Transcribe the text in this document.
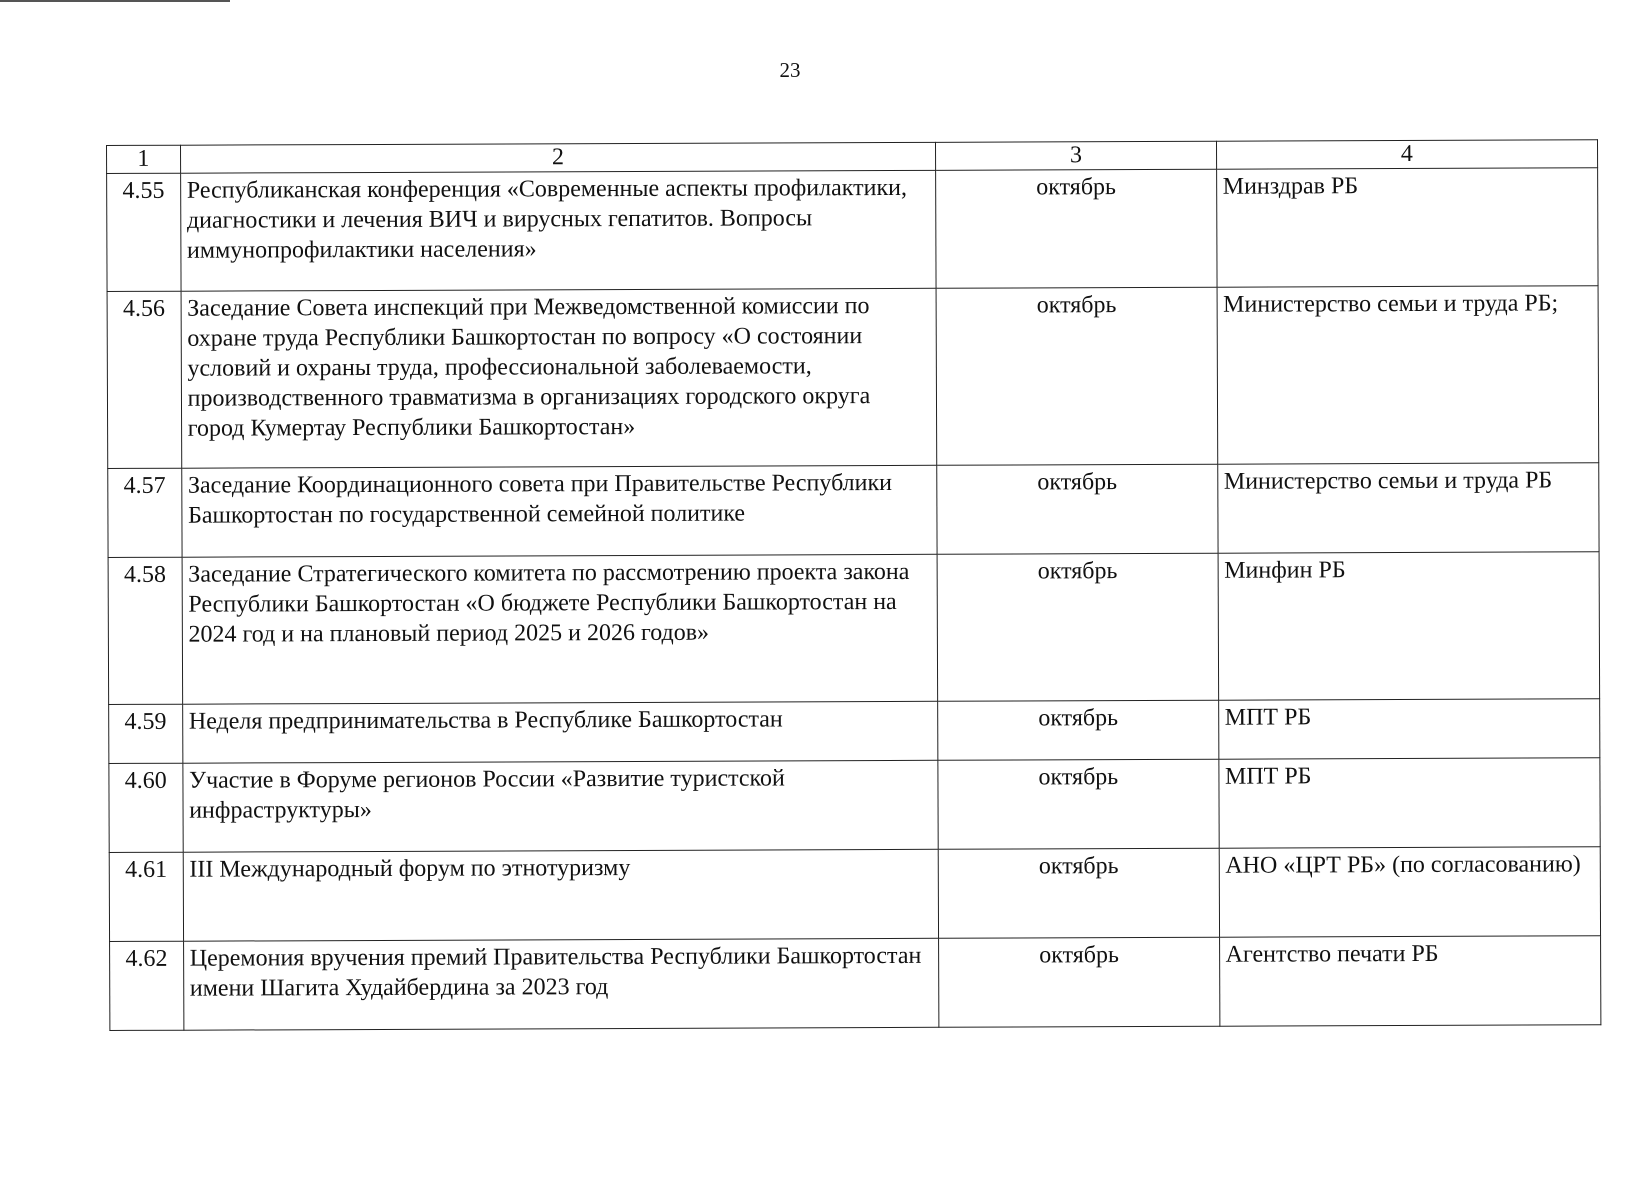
23
1	2	3	4
4.55	Республиканская конференция «Современные аспекты профилактики, диагностики и лечения ВИЧ и вирусных гепатитов. Вопросы иммунопрофилактики населения»	октябрь	Минздрав РБ
4.56	Заседание Совета инспекций при Межведомственной комиссии по охране труда Республики Башкортостан по вопросу «О состоянии условий и охраны труда, профессиональной заболеваемости, производственного травматизма в организациях городского округа город Кумертау Республики Башкортостан»	октябрь	Министерство семьи и труда РБ;
4.57	Заседание Координационного совета при Правительстве Республики Башкортостан по государственной семейной политике	октябрь	Министерство семьи и труда РБ
4.58	Заседание Стратегического комитета по рассмотрению проекта закона Республики Башкортостан «О бюджете Республики Башкортостан на 2024 год и на плановый период 2025 и 2026 годов»	октябрь	Минфин РБ
4.59	Неделя предпринимательства в Республике Башкортостан	октябрь	МПТ РБ
4.60	Участие в Форуме регионов России «Развитие туристской инфраструктуры»	октябрь	МПТ РБ
4.61	III Международный форум по этнотуризму	октябрь	АНО «ЦРТ РБ» (по согласованию)
4.62	Церемония вручения премий Правительства Республики Башкортостан имени Шагита Худайбердина за 2023 год	октябрь	Агентство печати РБ
